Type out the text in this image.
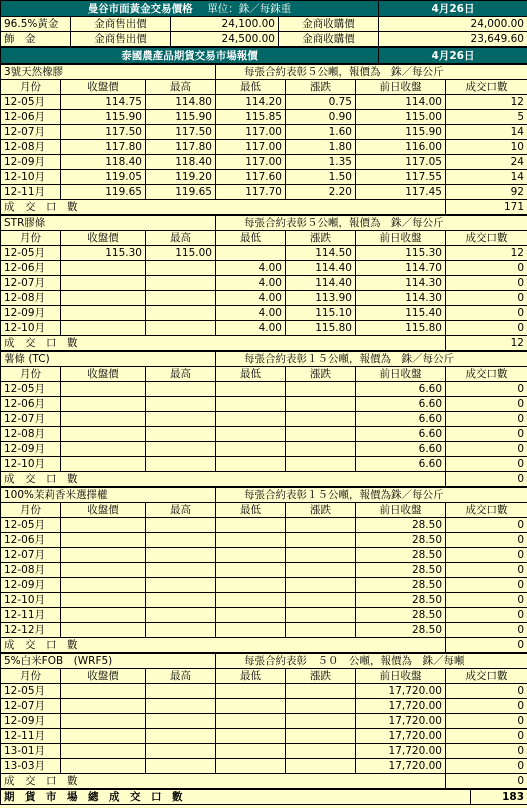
曼谷市面黃金交易價格 單位：銖／每銖重				4月26日
96.5%黃金	金商售出價	24,100.00	金商收購價	24,000.00
飾　金	金商售出價	24,500.00	金商收購價	23,649.60
泰國農產品期貨交易市場報價	4月26日
3號天然橡膠			每張合約表彰５公噸，報價為　銖／每公斤			
月份	收盤價	最高	最低	漲跌	前日收盤	成交口數
12-05月	114.75	114.80	114.20	0.75	114.00	12
12-06月	115.90	115.90	115.85	0.90	115.00	5
12-07月	117.50	117.50	117.00	1.60	115.90	14
12-08月	117.80	117.80	117.00	1.80	116.00	10
12-09月	118.40	118.40	117.00	1.35	117.05	24
12-10月	119.05	119.20	117.60	1.50	117.55	14
12-11月	119.65	119.65	117.70	2.20	117.45	92
成　交　口　數						171
STR膠條			每張合約表彰５公噸，報價為　銖／每公斤			
月份	收盤價	最高	最低	漲跌	前日收盤	成交口數
12-05月	115.30	115.00		114.50	115.30	12
12-06月			4.00	114.40	114.70	0
12-07月			4.00	114.40	114.30	0
12-08月			4.00	113.90	114.30	0
12-09月			4.00	115.10	115.40	0
12-10月			4.00	115.80	115.80	0
成　交　口　數						12
薯條 (TC)			每張合約表彰１５公噸，報價為　銖／每公斤			
月份	收盤價	最高	最低	漲跌	前日收盤	成交口數
12-05月					6.60	0
12-06月					6.60	0
12-07月					6.60	0
12-08月					6.60	0
12-09月					6.60	0
12-10月					6.60	0
成　交　口　數						0
100%茉莉香米選擇權			每張合約表彰１５公噸，報價為銖／每公斤			
月份	收盤價	最高	最低	漲跌	前日收盤	成交口數
12-05月					28.50	0
12-06月					28.50	0
12-07月					28.50	0
12-08月					28.50	0
12-09月					28.50	0
12-10月					28.50	0
12-11月					28.50	0
12-12月					28.50	0
成　交　口　數						0
5%白米FOB　(WRF5)			每張合約表彰　５０　公噸，報價為　銖／每噸			
月份	收盤價	最高	最低	漲跌	前日收盤	成交口數
12-05月					17,720.00	0
12-07月					17,720.00	0
12-09月					17,720.00	0
12-11月					17,720.00	0
13-01月					17,720.00	0
13-03月					17,720.00	0
成　交　口　數						0
期　貨　市　場　總　成　交　口　數	183
